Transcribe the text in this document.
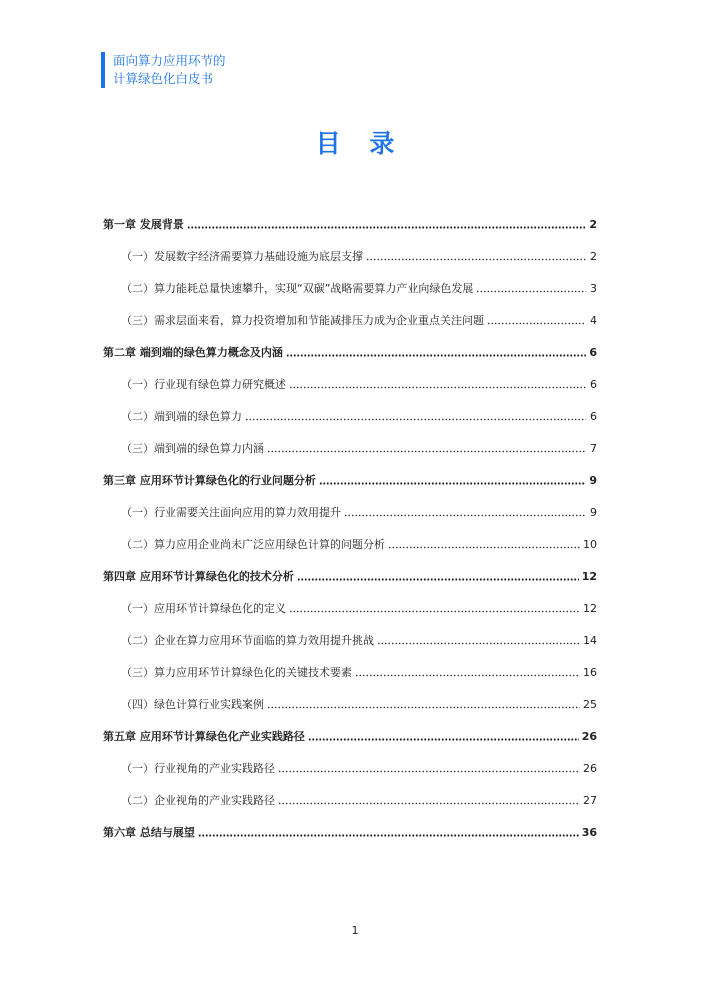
面向算力应用环节的
计算绿色化白皮书
目 录
第一章 发展背景	2
（一）发展数字经济需要算力基础设施为底层支撑	2
（二）算力能耗总量快速攀升，实现“双碳”战略需要算力产业向绿色发展	3
（三）需求层面来看，算力投资增加和节能减排压力成为企业重点关注问题	4
第二章 端到端的绿色算力概念及内涵	6
（一）行业现有绿色算力研究概述	6
（二）端到端的绿色算力	6
（三）端到端的绿色算力内涵	7
第三章 应用环节计算绿色化的行业问题分析	9
（一）行业需要关注面向应用的算力效用提升	9
（二）算力应用企业尚未广泛应用绿色计算的问题分析	10
第四章 应用环节计算绿色化的技术分析	12
（一）应用环节计算绿色化的定义	12
（二）企业在算力应用环节面临的算力效用提升挑战	14
（三）算力应用环节计算绿色化的关键技术要素	16
（四）绿色计算行业实践案例	25
第五章 应用环节计算绿色化产业实践路径	26
（一）行业视角的产业实践路径	26
（二）企业视角的产业实践路径	27
第六章 总结与展望	36
1
